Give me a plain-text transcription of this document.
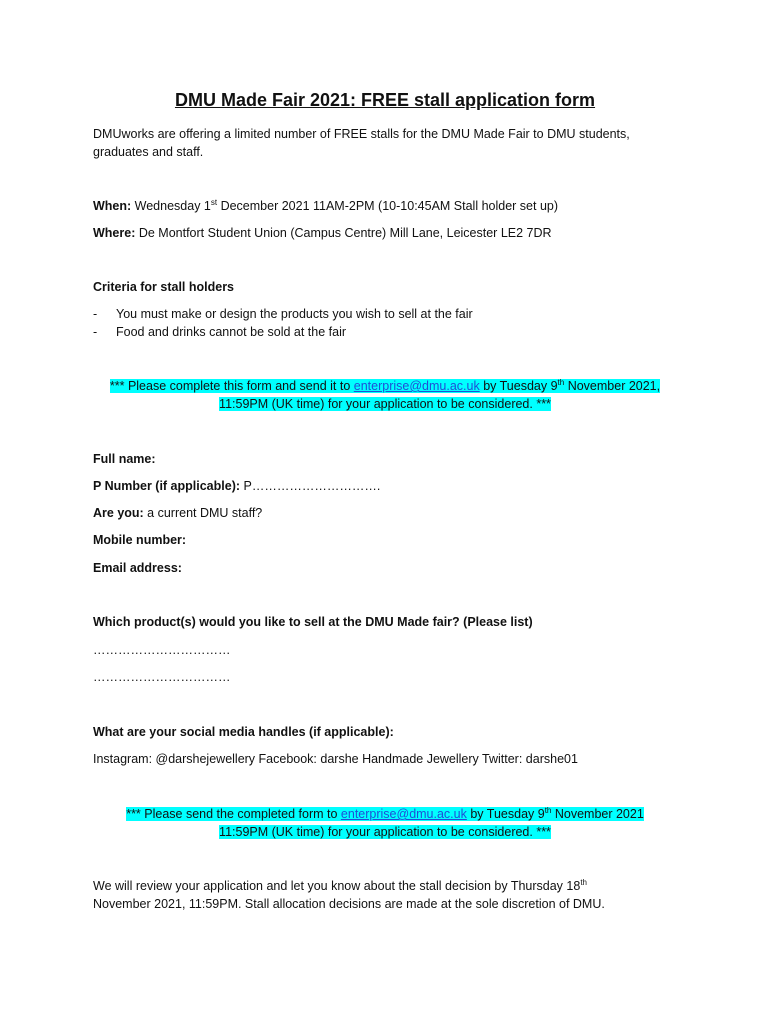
DMU Made Fair 2021: FREE stall application form
DMUworks are offering a limited number of FREE stalls for the DMU Made Fair to DMU students,
graduates and staff.
When: Wednesday 1st December 2021 11AM-2PM (10-10:45AM Stall holder set up)
Where: De Montfort Student Union (Campus Centre) Mill Lane, Leicester LE2 7DR
Criteria for stall holders
- You must make or design the products you wish to sell at the fair
- Food and drinks cannot be sold at the fair
*** Please complete this form and send it to enterprise@dmu.ac.uk by Tuesday 9th November 2021,
11:59PM (UK time) for your application to be considered. ***
Full name:
P Number (if applicable): P………………………….
Are you: a current DMU staff?
Mobile number:
Email address:
Which product(s) would you like to sell at the DMU Made fair? (Please list)
……………………………
……………………………
What are your social media handles (if applicable):
Instagram: @darshejewellery Facebook: darshe Handmade Jewellery Twitter: darshe01
*** Please send the completed form to enterprise@dmu.ac.uk by Tuesday 9th November 2021
11:59PM (UK time) for your application to be considered. ***
We will review your application and let you know about the stall decision by Thursday 18th
November 2021, 11:59PM. Stall allocation decisions are made at the sole discretion of DMU.
